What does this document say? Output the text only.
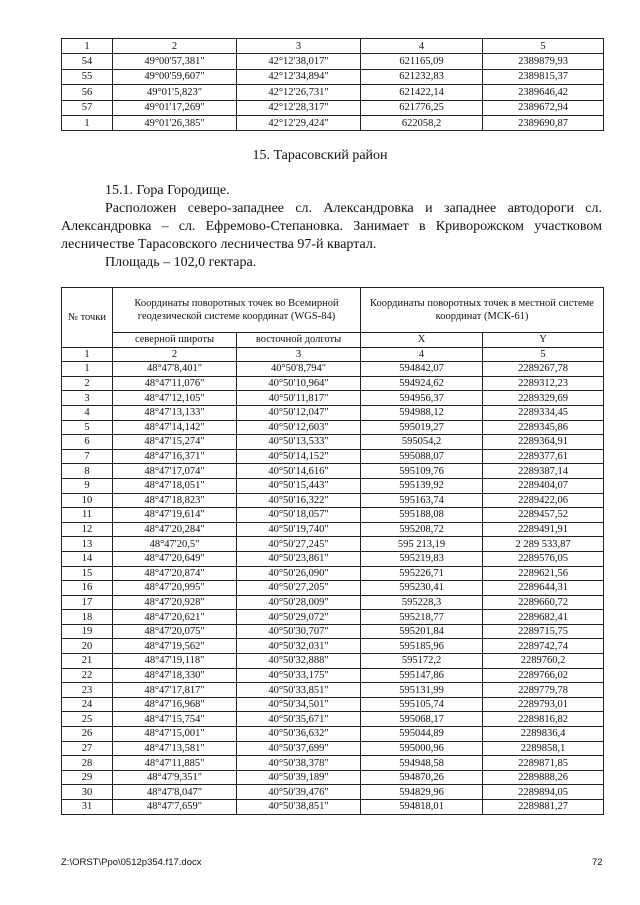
1	2	3	4	5
54	49°00'57,381"	42°12'38,017"	621165,09	2389879,93
55	49°00'59,607"	42°12'34,894"	621232,83	2389815,37
56	49°01'5,823"	42°12'26,731"	621422,14	2389646,42
57	49°01'17,269"	42°12'28,317"	621776,25	2389672,94
1	49°01'26,385"	42°12'29,424"	622058,2	2389690,87
15. Тарасовский район
15.1. Гора Городище.
Расположен северо-западнее сл. Александровка и западнее автодороги сл. Александровка – сл. Ефремово-Степановка. Занимает в Криворожском участковом лесничестве Тарасовского лесничества 97-й квартал.
Площадь – 102,0 гектара.
№ точки	Координаты поворотных точек во Всемирной геодезической системе координат (WGS-84)		Координаты поворотных точек в местной системе координат (МСК-61)	
	северной широты	восточной долготы	X	Y
1	2	3	4	5
1	48°47'8,401"	40°50'8,794"	594842,07	2289267,78
2	48°47'11,076"	40°50'10,964"	594924,62	2289312,23
3	48°47'12,105"	40°50'11,817"	594956,37	2289329,69
4	48°47'13,133"	40°50'12,047"	594988,12	2289334,45
5	48°47'14,142"	40°50'12,603"	595019,27	2289345,86
6	48°47'15,274"	40°50'13,533"	595054,2	2289364,91
7	48°47'16,371"	40°50'14,152"	595088,07	2289377,61
8	48°47'17,074"	40°50'14,616"	595109,76	2289387,14
9	48°47'18,051"	40°50'15,443"	595139,92	2289404,07
10	48°47'18,823"	40°50'16,322"	595163,74	2289422,06
11	48°47'19,614"	40°50'18,057"	595188,08	2289457,52
12	48°47'20,284"	40°50'19,740"	595208,72	2289491,91
13	48°47'20,5"	40°50'27,245"	595 213,19	2 289 533,87
14	48°47'20,649"	40°50'23,861"	595219,83	2289576,05
15	48°47'20,874"	40°50'26,090"	595226,71	2289621,56
16	48°47'20,995"	40°50'27,205"	595230,41	2289644,31
17	48°47'20,928"	40°50'28,009"	595228,3	2289660,72
18	48°47'20,621"	40°50'29,072"	595218,77	2289682,41
19	48°47'20,075"	40°50'30,707"	595201,84	2289715,75
20	48°47'19,562"	40°50'32,031"	595185,96	2289742,74
21	48°47'19,118"	40°50'32,888"	595172,2	2289760,2
22	48°47'18,330"	40°50'33,175"	595147,86	2289766,02
23	48°47'17,817"	40°50'33,851"	595131,99	2289779,78
24	48°47'16,968"	40°50'34,501"	595105,74	2289793,01
25	48°47'15,754"	40°50'35,671"	595068,17	2289816,82
26	48°47'15,001"	40°50'36,632"	595044,89	2289836,4
27	48°47'13,581"	40°50'37,699"	595000,96	2289858,1
28	48°47'11,885"	40°50'38,378"	594948,58	2289871,85
29	48°47'9,351"	40°50'39,189"	594870,26	2289888,26
30	48°47'8,047"	40°50'39,476"	594829,96	2289894,05
31	48°47'7,659"	40°50'38,851"	594818,01	2289881,27
Z:\ORST\Ppo\0512p354.f17.docx	72
